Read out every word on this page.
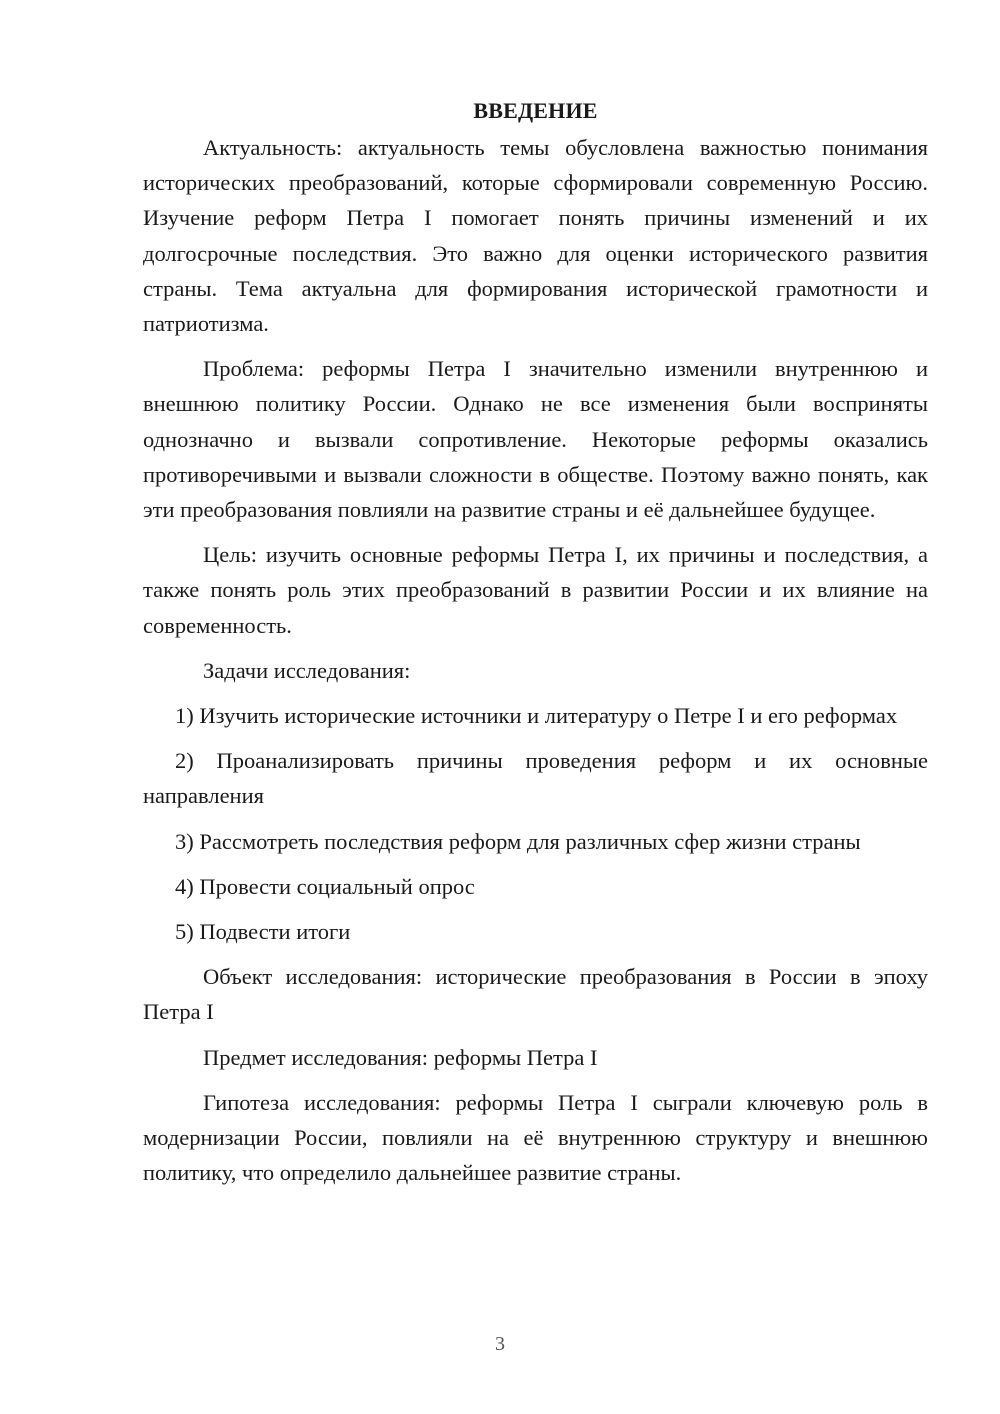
ВВЕДЕНИЕ

Актуальность: актуальность темы обусловлена важностью понимания исторических преобразований, которые сформировали современную Россию. Изучение реформ Петра I помогает понять причины изменений и их долгосрочные последствия. Это важно для оценки исторического развития страны. Тема актуальна для формирования исторической грамотности и патриотизма.

Проблема: реформы Петра I значительно изменили внутреннюю и внешнюю политику России. Однако не все изменения были восприняты однозначно и вызвали сопротивление. Некоторые реформы оказались противоречивыми и вызвали сложности в обществе. Поэтому важно понять, как эти преобразования повлияли на развитие страны и её дальнейшее будущее.

Цель: изучить основные реформы Петра I, их причины и последствия, а также понять роль этих преобразований в развитии России и их влияние на современность.

Задачи исследования:

1) Изучить исторические источники и литературу о Петре I и его реформах

2) Проанализировать причины проведения реформ и их основные направления

3) Рассмотреть последствия реформ для различных сфер жизни страны

4) Провести социальный опрос

5) Подвести итоги

Объект исследования: исторические преобразования в России в эпоху Петра I

Предмет исследования: реформы Петра I

Гипотеза исследования: реформы Петра I сыграли ключевую роль в модернизации России, повлияли на её внутреннюю структуру и внешнюю политику, что определило дальнейшее развитие страны.

3
